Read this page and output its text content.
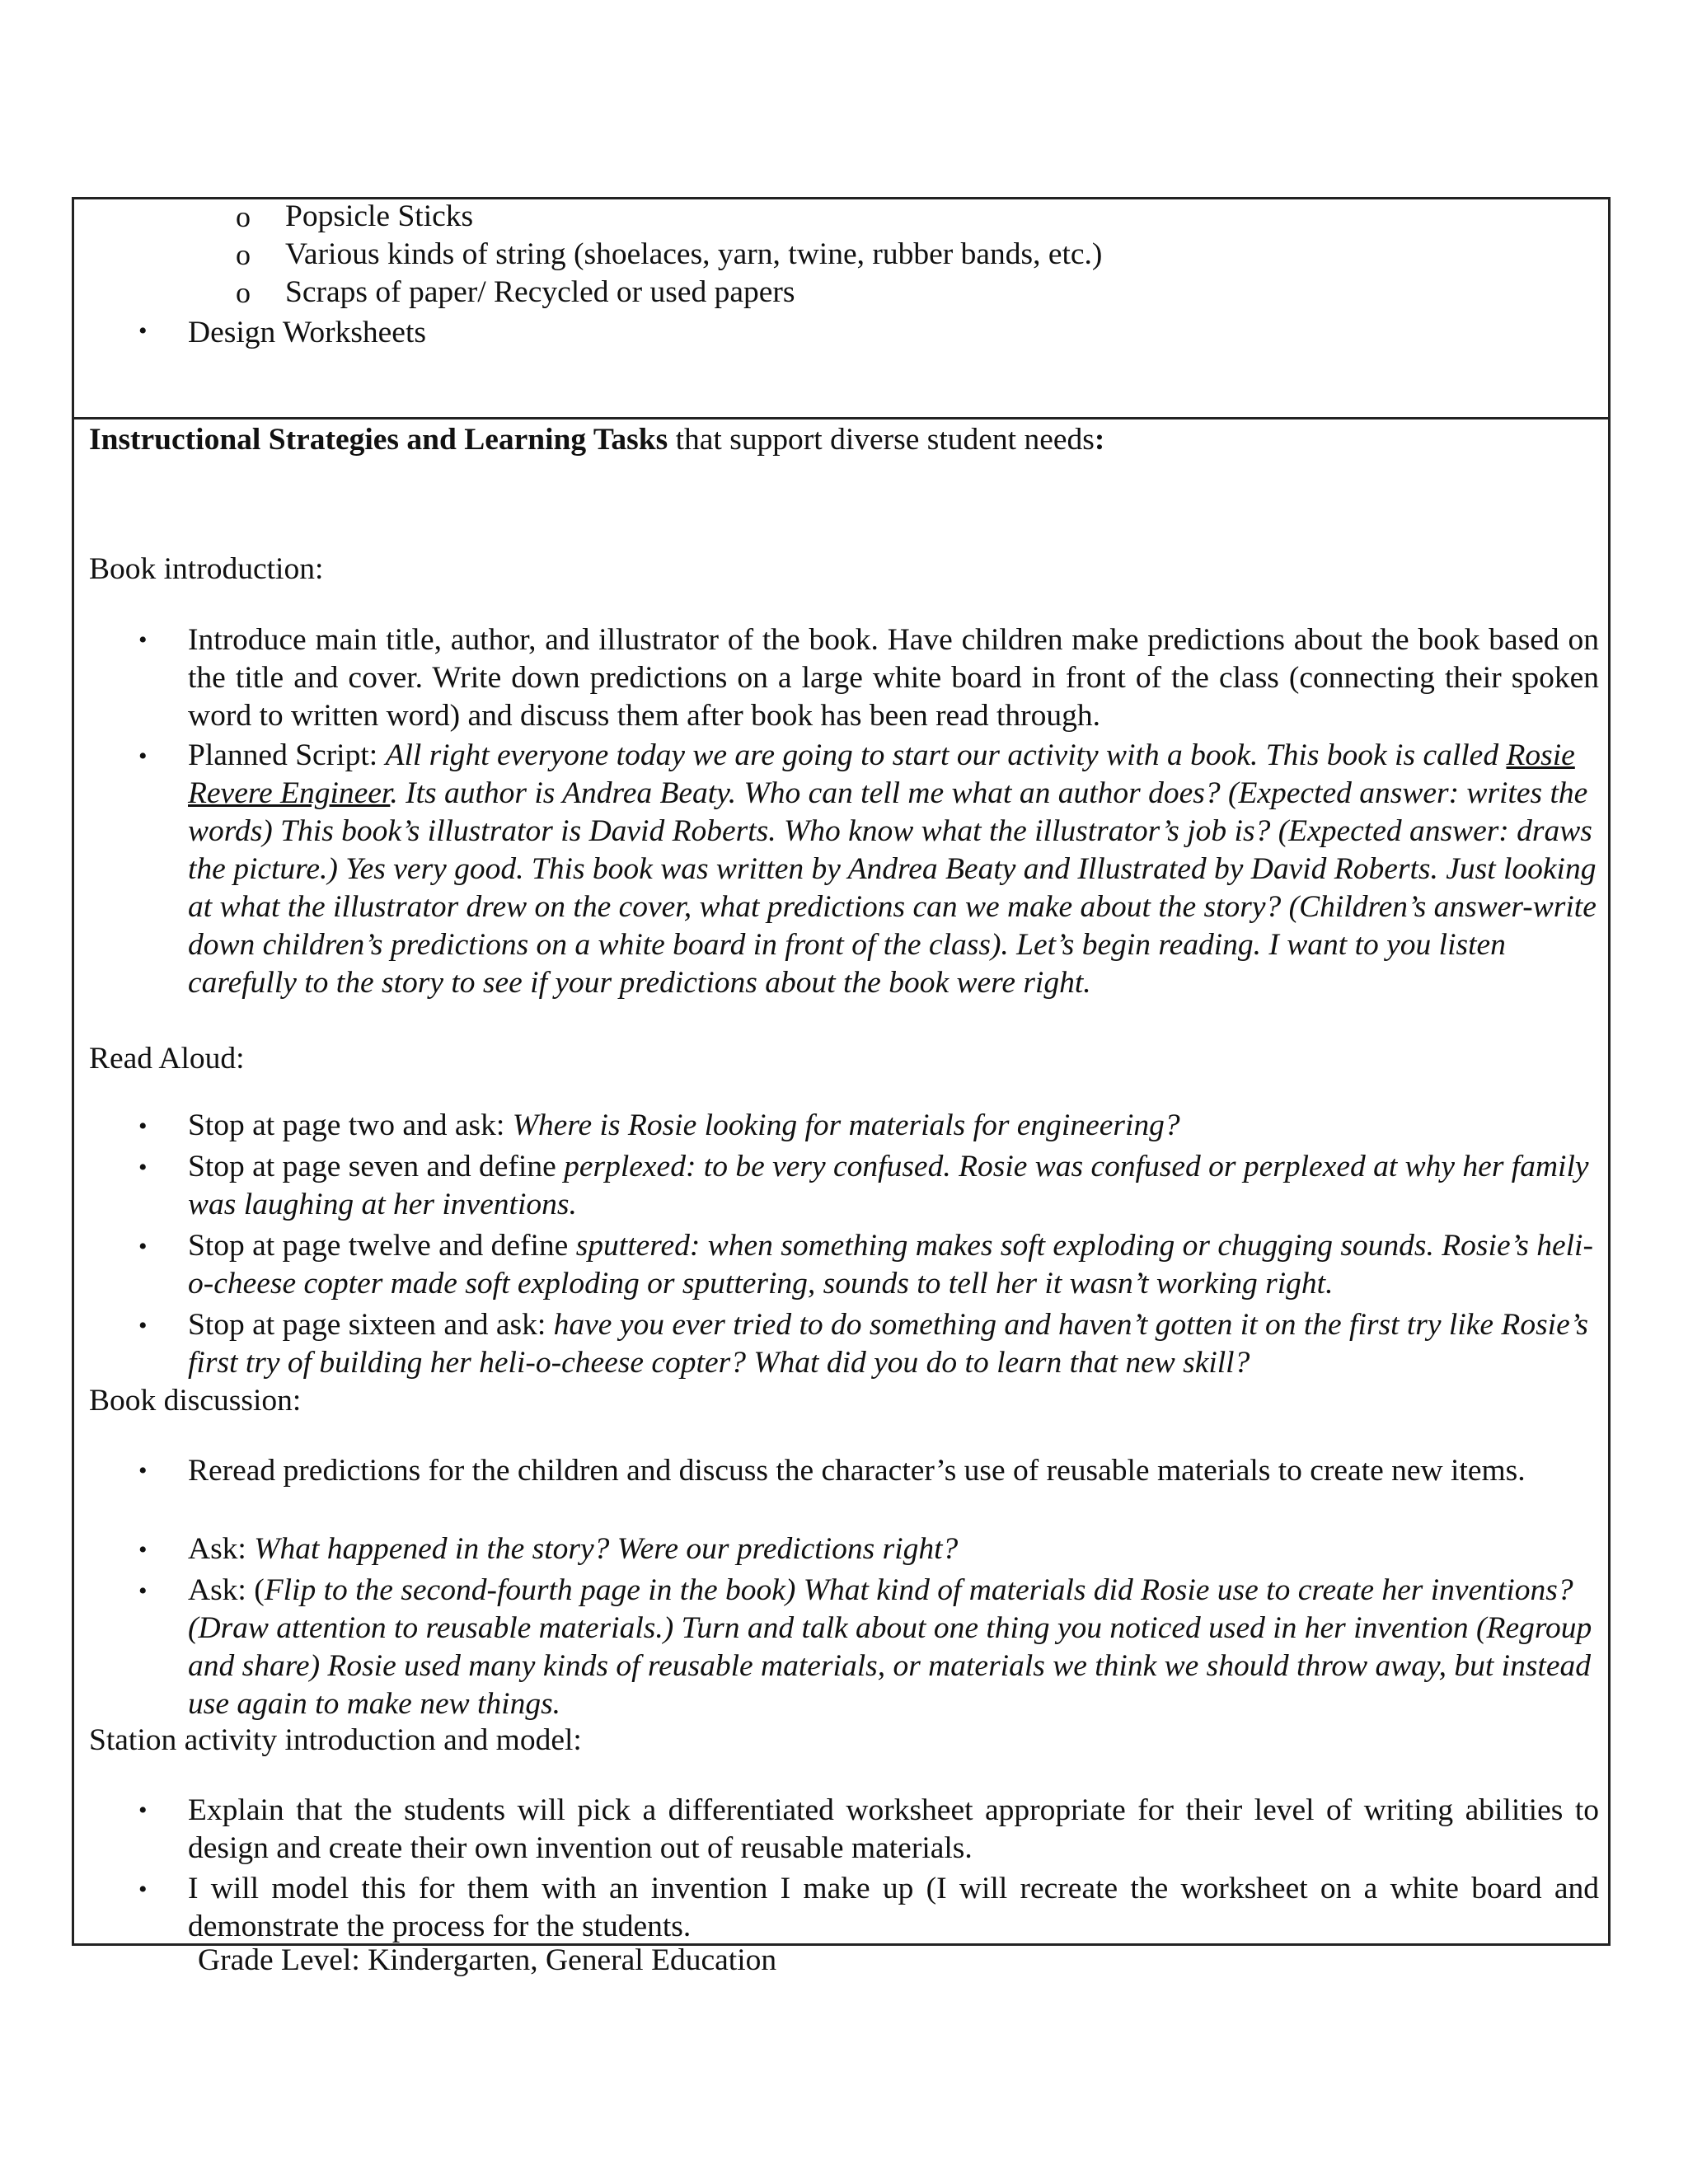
o Popsicle Sticks
o Various kinds of string (shoelaces, yarn, twine, rubber bands, etc.)
o Scraps of paper/ Recycled or used papers
• Design Worksheets
Instructional Strategies and Learning Tasks that support diverse student needs:
Book introduction:
• Introduce main title, author, and illustrator of the book. Have children make predictions about the book based on the title and cover. Write down predictions on a large white board in front of the class (connecting their spoken word to written word) and discuss them after book has been read through.
• Planned Script: All right everyone today we are going to start our activity with a book. This book is called Rosie Revere Engineer. Its author is Andrea Beaty. Who can tell me what an author does? (Expected answer: writes the words) This book’s illustrator is David Roberts. Who know what the illustrator’s job is? (Expected answer: draws the picture.) Yes very good. This book was written by Andrea Beaty and Illustrated by David Roberts. Just looking at what the illustrator drew on the cover, what predictions can we make about the story? (Children’s answer-write down children’s predictions on a white board in front of the class). Let’s begin reading. I want to you listen carefully to the story to see if your predictions about the book were right.
Read Aloud:
• Stop at page two and ask: Where is Rosie looking for materials for engineering?
• Stop at page seven and define perplexed: to be very confused. Rosie was confused or perplexed at why her family was laughing at her inventions.
• Stop at page twelve and define sputtered: when something makes soft exploding or chugging sounds. Rosie’s heli-o-cheese copter made soft exploding or sputtering, sounds to tell her it wasn’t working right.
• Stop at page sixteen and ask: have you ever tried to do something and haven’t gotten it on the first try like Rosie’s first try of building her heli-o-cheese copter? What did you do to learn that new skill?
Book discussion:
• Reread predictions for the children and discuss the character’s use of reusable materials to create new items.
• Ask: What happened in the story? Were our predictions right?
• Ask: (Flip to the second-fourth page in the book) What kind of materials did Rosie use to create her inventions? (Draw attention to reusable materials.) Turn and talk about one thing you noticed used in her invention (Regroup and share) Rosie used many kinds of reusable materials, or materials we think we should throw away, but instead use again to make new things.
Station activity introduction and model:
• Explain that the students will pick a differentiated worksheet appropriate for their level of writing abilities to design and create their own invention out of reusable materials.
• I will model this for them with an invention I make up (I will recreate the worksheet on a white board and demonstrate the process for the students.
Grade Level: Kindergarten, General Education
